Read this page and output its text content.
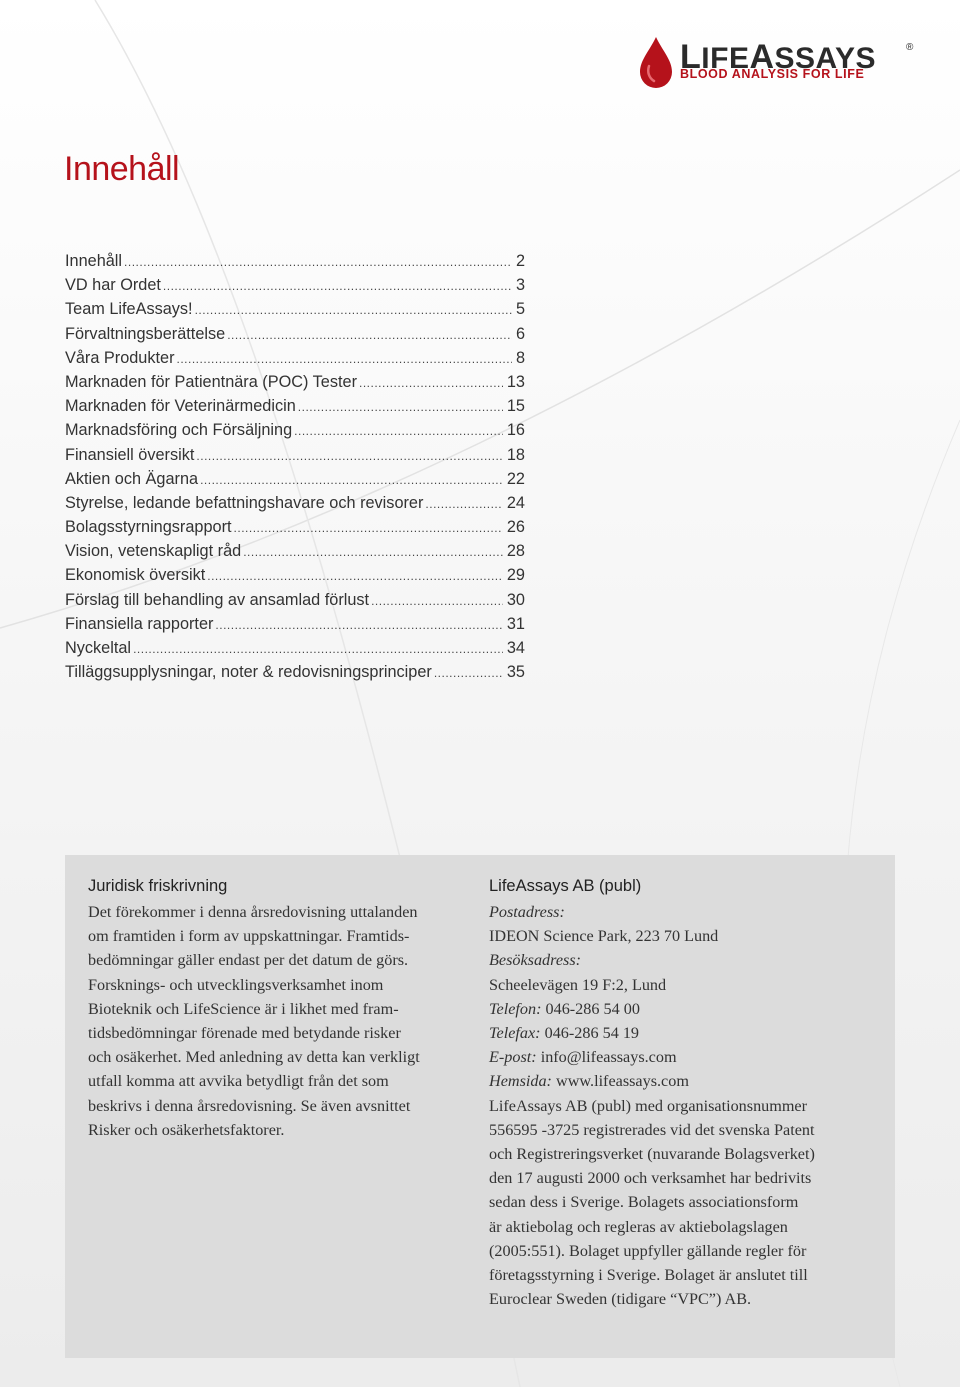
LIFEASSAYS	®
BLOOD ANALYSIS FOR LIFE
Innehåll
Innehåll .....	2
VD har Ordet .....	3
Team LifeAssays! .....	5
Förvaltningsberättelse .....	6
Våra Produkter .....	8
Marknaden för Patientnära (POC) Tester .....	13
Marknaden för Veterinärmedicin .....	15
Marknadsföring och Försäljning .....	16
Finansiell översikt .....	18
Aktien och Ägarna .....	22
Styrelse, ledande befattningshavare och revisorer .....	24
Bolagsstyrningsrapport .....	26
Vision, vetenskapligt råd .....	28
Ekonomisk översikt .....	29
Förslag till behandling av ansamlad förlust .....	30
Finansiella rapporter .....	31
Nyckeltal .....	34
Tilläggsupplysningar, noter & redovisningsprinciper .....	35
Juridisk friskrivning

Det förekommer i denna årsredovisning uttalanden
om framtiden i form av uppskattningar. Framtids-
bedömningar gäller endast per det datum de görs.
Forsknings- och utvecklingsverksamhet inom
Bioteknik och LifeScience är i likhet med fram-
tidsbedömningar förenade med betydande risker
och osäkerhet. Med anledning av detta kan verkligt
utfall komma att avvika betydligt från det som
beskrivs i denna årsredovisning. Se även avsnittet
Risker och osäkerhetsfaktorer.

LifeAssays AB (publ)
Postadress:
IDEON Science Park, 223 70 Lund
Besöksadress:
Scheelevägen 19 F:2, Lund
Telefon: 046-286 54 00
Telefax: 046-286 54 19
E-post: info@lifeassays.com
Hemsida: www.lifeassays.com

LifeAssays AB (publ) med organisationsnummer
556595 -3725 registrerades vid det svenska Patent
och Registreringsverket (nuvarande Bolagsverket)
den 17 augusti 2000 och verksamhet har bedrivits
sedan dess i Sverige. Bolagets associationsform
är aktiebolag och regleras av aktiebolagslagen
(2005:551). Bolaget uppfyller gällande regler för
företagsstyrning i Sverige. Bolaget är anslutet till
Euroclear Sweden (tidigare “VPC”) AB.
